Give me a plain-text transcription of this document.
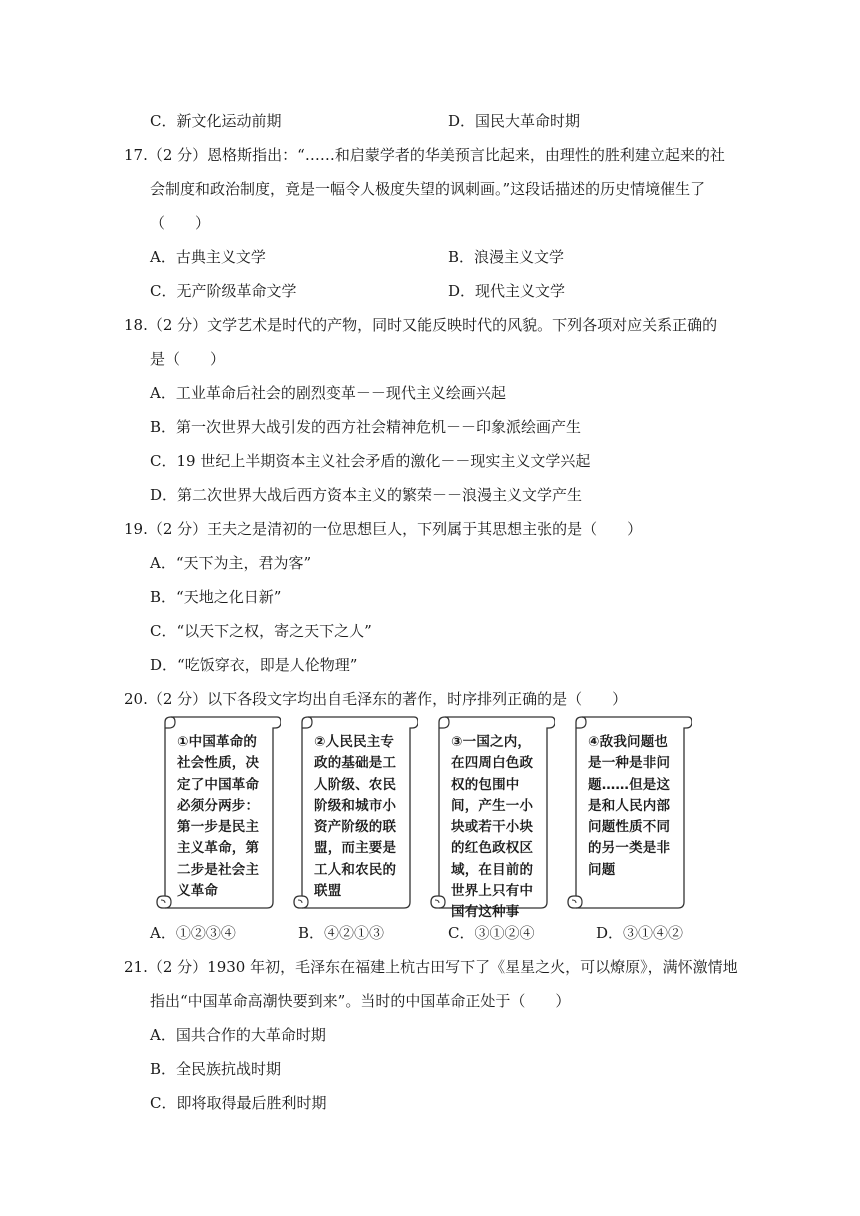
C．新文化运动前期	D．国民大革命时期
17.（2 分）恩格斯指出：“……和启蒙学者的华美预言比起来，由理性的胜利建立起来的社
会制度和政治制度，竟是一幅令人极度失望的讽刺画。”这段话描述的历史情境催生了
（　　）
A．古典主义文学	B．浪漫主义文学
C．无产阶级革命文学	D．现代主义文学
18.（2 分）文学艺术是时代的产物，同时又能反映时代的风貌。下列各项对应关系正确的
是（　　）
A．工业革命后社会的剧烈变革－－现代主义绘画兴起
B．第一次世界大战引发的西方社会精神危机－－印象派绘画产生
C．19 世纪上半期资本主义社会矛盾的激化－－现实主义文学兴起
D．第二次世界大战后西方资本主义的繁荣－－浪漫主义文学产生
19.（2 分）王夫之是清初的一位思想巨人，下列属于其思想主张的是（　　）
A．“天下为主，君为客”
B．“天地之化日新”
C．“以天下之权，寄之天下之人”
D．“吃饭穿衣，即是人伦物理”
20.（2 分）以下各段文字均出自毛泽东的著作，时序排列正确的是（　　）
①中国革命的社会性质，决定了中国革命必须分两步：第一步是民主主义革命，第二步是社会主义革命
②人民民主专政的基础是工人阶级、农民阶级和城市小资产阶级的联盟，而主要是工人和农民的联盟
③一国之内，在四周白色政权的包围中间，产生一小块或若干小块的红色政权区域，在目前的世界上只有中国有这种事
④敌我问题也是一种是非问题……但是这是和人民内部问题性质不同的另一类是非问题
A．①②③④	B．④②①③	C．③①②④	D．③①④②
21.（2 分）1930 年初，毛泽东在福建上杭古田写下了《星星之火，可以燎原》，满怀激情地
指出“中国革命高潮快要到来”。当时的中国革命正处于（　　）
A．国共合作的大革命时期
B．全民族抗战时期
C．即将取得最后胜利时期
